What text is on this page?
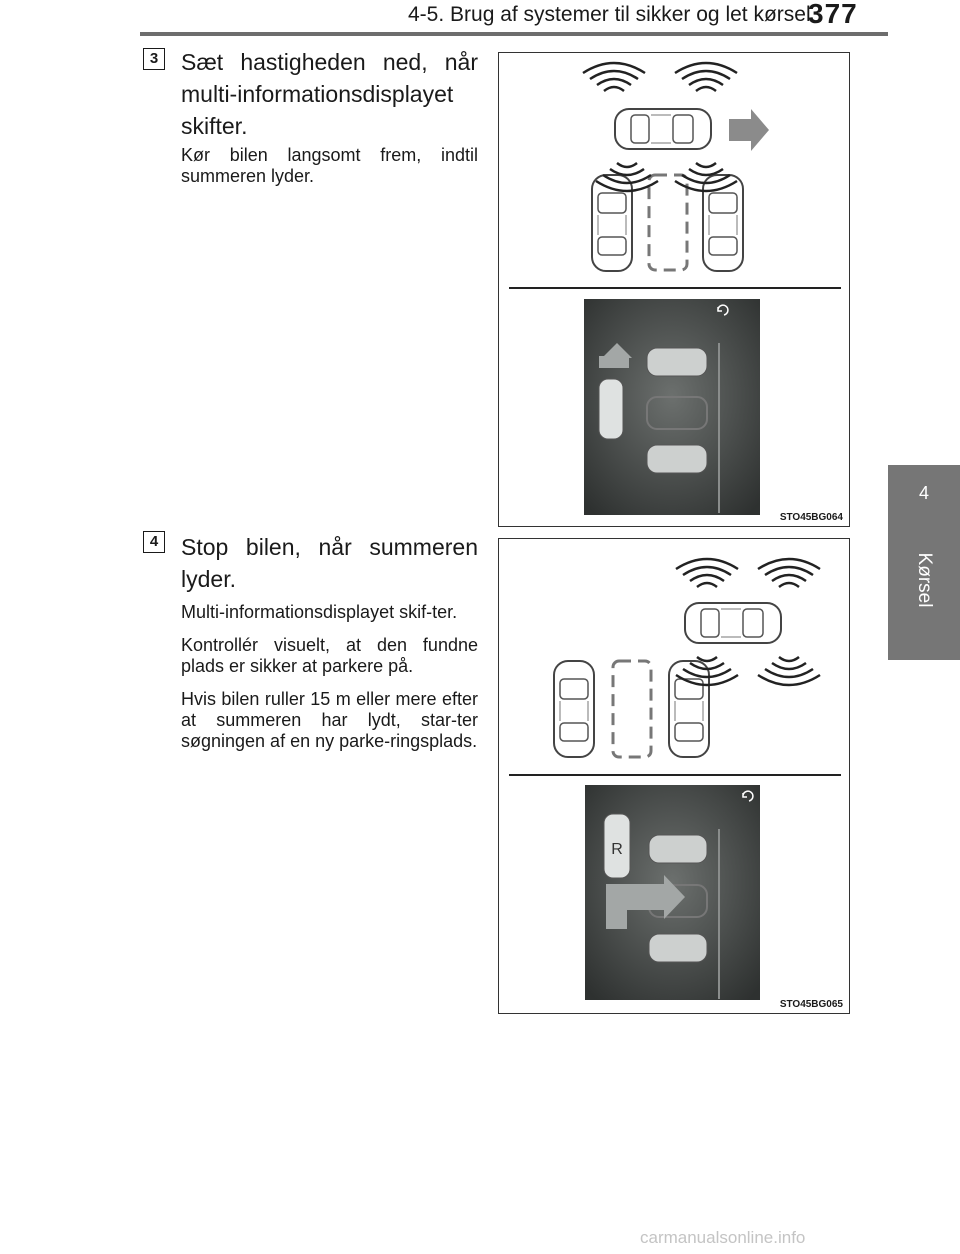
4-5. Brug af systemer til sikker og let kørsel
377
4
Kørsel
3 Sæt hastigheden ned, når multi-informationsdisplayet skifter.

Kør bilen langsomt frem, indtil summeren lyder.

STO45BG064
4 Stop bilen, når summeren lyder.

Multi-informationsdisplayet skif-ter.

Kontrollér visuelt, at den fundne plads er sikker at parkere på.

Hvis bilen ruller 15 m eller mere efter at summeren har lydt, star-ter søgningen af en ny parke-ringsplads.

R
STO45BG065
carmanualsonline.info
